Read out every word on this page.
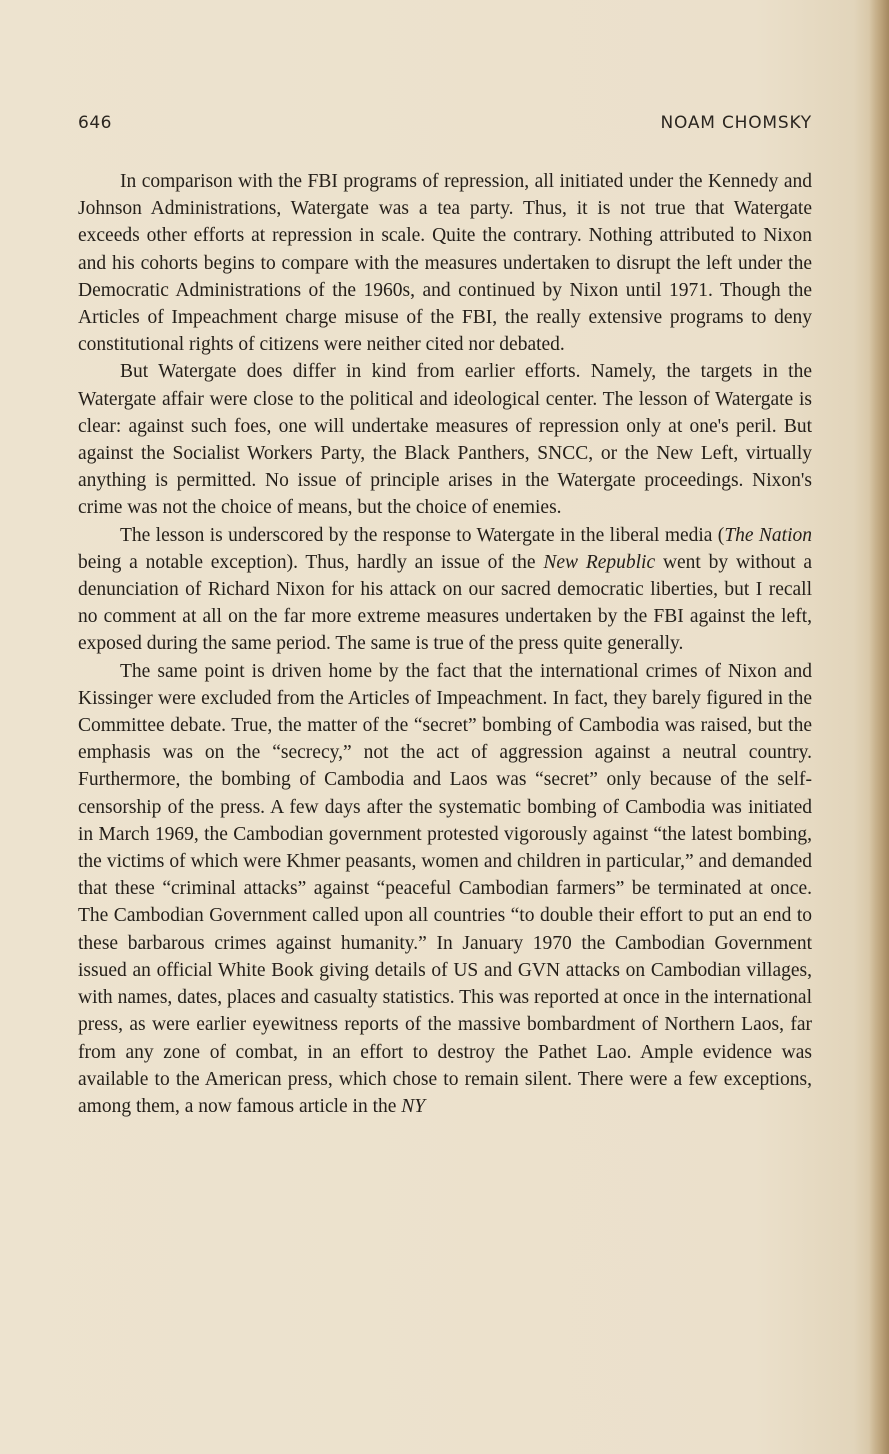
646	NOAM CHOMSKY

In comparison with the FBI programs of repression, all initiated under the Kennedy and Johnson Administrations, Watergate was a tea party. Thus, it is not true that Watergate exceeds other efforts at repression in scale. Quite the contrary. Nothing attributed to Nixon and his cohorts begins to compare with the measures undertaken to disrupt the left under the Democratic Administrations of the 1960s, and continued by Nixon until 1971. Though the Articles of Impeachment charge misuse of the FBI, the really extensive programs to deny constitutional rights of citizens were neither cited nor debated.

But Watergate does differ in kind from earlier efforts. Namely, the targets in the Watergate affair were close to the political and ideological center. The lesson of Watergate is clear: against such foes, one will undertake measures of repression only at one's peril. But against the Socialist Workers Party, the Black Panthers, SNCC, or the New Left, virtually anything is permitted. No issue of principle arises in the Watergate proceedings. Nixon's crime was not the choice of means, but the choice of enemies.

The lesson is underscored by the response to Watergate in the liberal media (The Nation being a notable exception). Thus, hardly an issue of the New Republic went by without a denunciation of Richard Nixon for his attack on our sacred democratic liberties, but I recall no comment at all on the far more extreme measures undertaken by the FBI against the left, exposed during the same period. The same is true of the press quite generally.

The same point is driven home by the fact that the international crimes of Nixon and Kissinger were excluded from the Articles of Impeachment. In fact, they barely figured in the Committee debate. True, the matter of the “secret” bombing of Cambodia was raised, but the emphasis was on the “secrecy,” not the act of aggression against a neutral country. Furthermore, the bombing of Cambodia and Laos was “secret” only because of the self-censorship of the press. A few days after the systematic bombing of Cambodia was initiated in March 1969, the Cambodian government protested vigorously against “the latest bombing, the victims of which were Khmer peasants, women and children in particular,” and demanded that these “criminal attacks” against “peaceful Cambodian farmers” be terminated at once. The Cambodian Government called upon all countries “to double their effort to put an end to these barbarous crimes against humanity.” In January 1970 the Cambodian Government issued an official White Book giving details of US and GVN attacks on Cambodian villages, with names, dates, places and casualty statistics. This was reported at once in the international press, as were earlier eyewitness reports of the massive bombardment of Northern Laos, far from any zone of combat, in an effort to destroy the Pathet Lao. Ample evidence was available to the American press, which chose to remain silent. There were a few exceptions, among them, a now famous article in the NY
